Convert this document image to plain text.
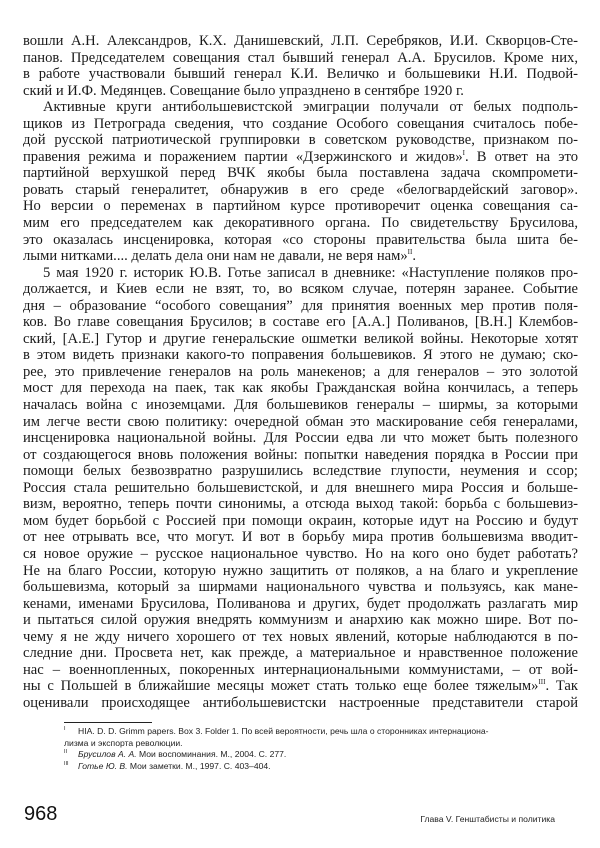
вошли А.Н. Александров, К.Х. Данишевский, Л.П. Серебряков, И.И. Скворцов-Сте-
панов. Председателем совещания стал бывший генерал А.А. Брусилов. Кроме них,
в работе участвовали бывший генерал К.И. Величко и большевики Н.И. Подвой-
ский и И.Ф. Медянцев. Совещание было упразднено в сентябре 1920 г.
Активные круги антибольшевистской эмиграции получали от белых подполь-
щиков из Петрограда сведения, что создание Особого совещания считалось побе-
дой русской патриотической группировки в советском руководстве, признаком по-
правения режима и поражением партии «Дзержинского и жидов»$^I$. В ответ на это
партийной верхушкой перед ВЧК якобы была поставлена задача скомпромети-
ровать старый генералитет, обнаружив в его среде «белогвардейский заговор».
Но версии о переменах в партийном курсе противоречит оценка совещания са-
мим его председателем как декоративного органа. По свидетельству Брусилова,
это оказалась инсценировка, которая «со стороны правительства была шита бе-
лыми нитками.... делать дела они нам не давали, не веря нам»$^{II}$.
5 мая 1920 г. историк Ю.В. Готье записал в дневнике: «Наступление поляков про-
должается, и Киев если не взят, то, во всяком случае, потерян заранее. Событие
дня – образование “особого совещания” для принятия военных мер против поля-
ков. Во главе совещания Брусилов; в составе его [А.А.] Поливанов, [В.Н.] Клембов-
ский, [А.Е.] Гутор и другие генеральские ошметки великой войны. Некоторые хотят
в этом видеть признаки какого-то поправения большевиков. Я этого не думаю; ско-
рее, это привлечение генералов на роль манекенов; а для генералов – это золотой
мост для перехода на паек, так как якобы Гражданская война кончилась, а теперь
началась война с иноземцами. Для большевиков генералы – ширмы, за которыми
им легче вести свою политику: очередной обман это маскирование себя генералами,
инсценировка национальной войны. Для России едва ли что может быть полезного
от создающегося вновь положения войны: попытки наведения порядка в России при
помощи белых безвозвратно разрушились вследствие глупости, неумения и ссор;
Россия стала решительно большевистской, и для внешнего мира Россия и больше-
визм, вероятно, теперь почти синонимы, а отсюда выход такой: борьба с большевиз-
мом будет борьбой с Россией при помощи окраин, которые идут на Россию и будут
от нее отрывать все, что могут. И вот в борьбу мира против большевизма вводит-
ся новое оружие – русское национальное чувство. Но на кого оно будет работать?
Не на благо России, которую нужно защитить от поляков, а на благо и укрепление
большевизма, который за ширмами национального чувства и пользуясь, как мане-
кенами, именами Брусилова, Поливанова и других, будет продолжать разлагать мир
и пытаться силой оружия внедрять коммунизм и анархию как можно шире. Вот по-
чему я не жду ничего хорошего от тех новых явлений, которые наблюдаются в по-
следние дни. Просвета нет, как прежде, а материальное и нравственное положение
нас – военнопленных, покоренных интернациональными коммунистами, – от вой-
ны с Польшей в ближайшие месяцы может стать только еще более тяжелым»$^{III}$. Так
оценивали происходящее антибольшевистски настроенные представители старой
I HIA. D. D. Grimm papers. Box 3. Folder 1. По всей вероятности, речь шла о сторонниках интернациона-
лизма и экспорта революции.
II Брусилов А. А. Мои воспоминания. М., 2004. С. 277.
III Готье Ю. В. Мои заметки. М., 1997. С. 403–404.
968	Глава V. Генштабисты и политика
